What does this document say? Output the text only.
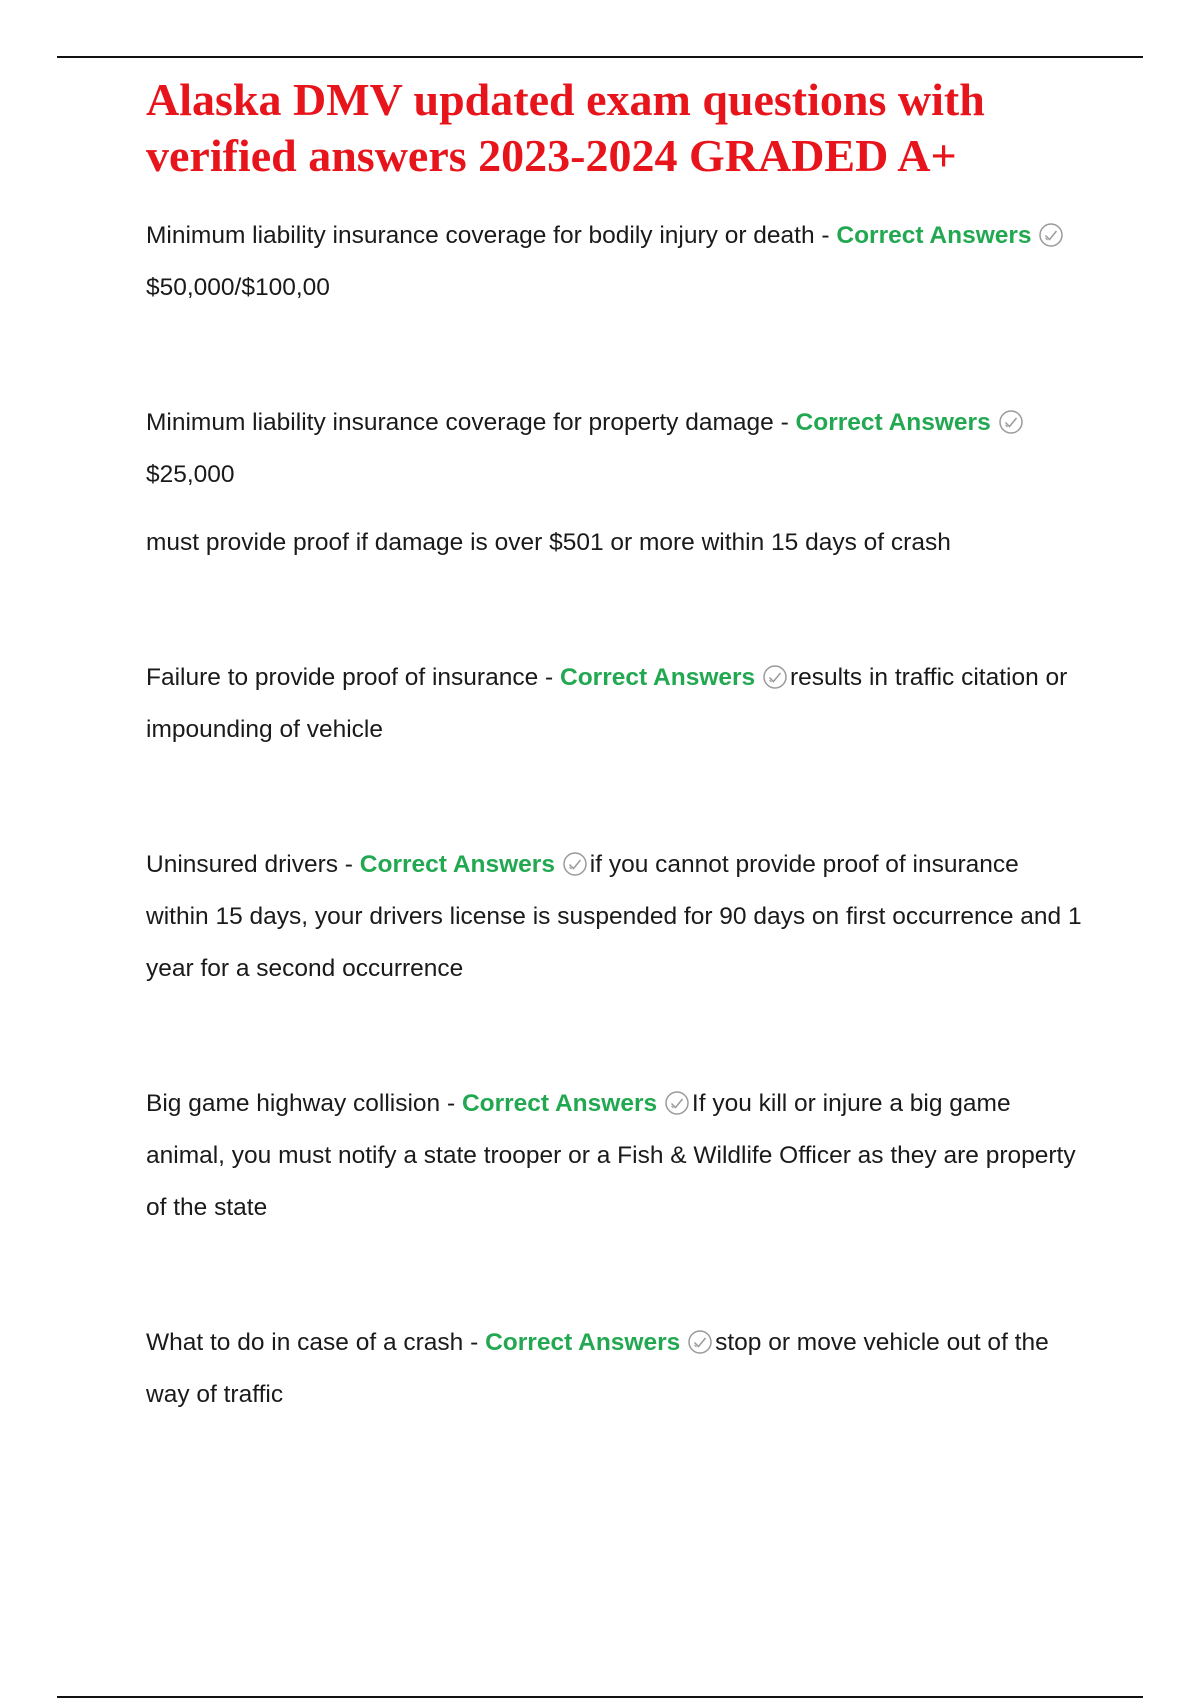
Alaska DMV updated exam questions with verified answers 2023-2024 GRADED A+

Minimum liability insurance coverage for bodily injury or death - Correct Answers
$50,000/$100,00

Minimum liability insurance coverage for property damage - Correct Answers
$25,000

must provide proof if damage is over $501 or more within 15 days of crash

Failure to provide proof of insurance - Correct Answers results in traffic citation or impounding of vehicle

Uninsured drivers - Correct Answers if you cannot provide proof of insurance within 15 days, your drivers license is suspended for 90 days on first occurrence and 1 year for a second occurrence

Big game highway collision - Correct Answers If you kill or injure a big game animal, you must notify a state trooper or a Fish & Wildlife Officer as they are property of the state

What to do in case of a crash - Correct Answers stop or move vehicle out of the way of traffic
